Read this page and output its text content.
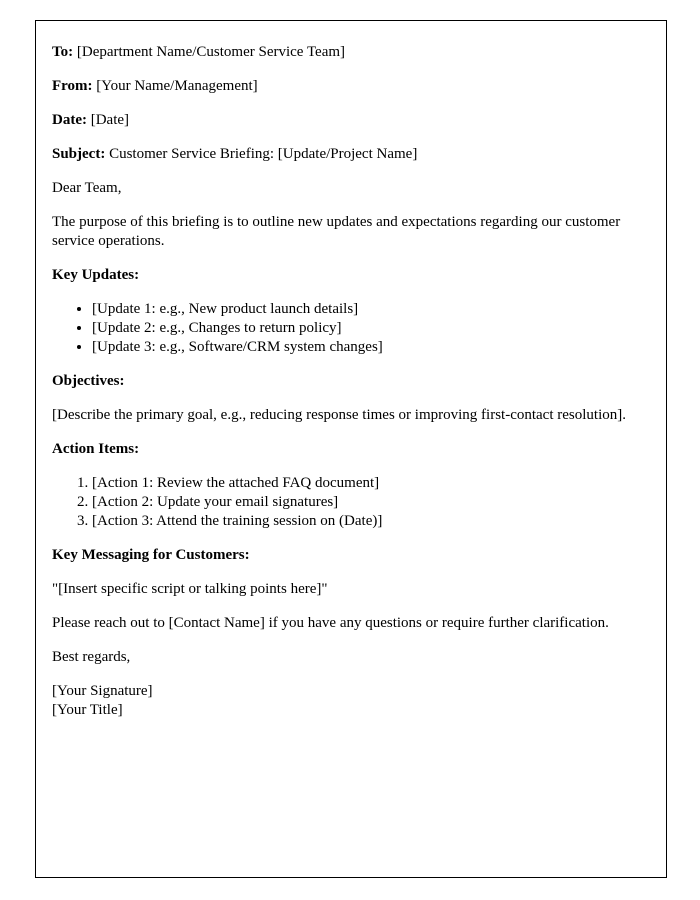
To: [Department Name/Customer Service Team]

From: [Your Name/Management]

Date: [Date]

Subject: Customer Service Briefing: [Update/Project Name]

Dear Team,

The purpose of this briefing is to outline new updates and expectations regarding our customer service operations.

Key Updates:

• [Update 1: e.g., New product launch details]
• [Update 2: e.g., Changes to return policy]
• [Update 3: e.g., Software/CRM system changes]

Objectives:

[Describe the primary goal, e.g., reducing response times or improving first-contact resolution].

Action Items:

1. [Action 1: Review the attached FAQ document]
2. [Action 2: Update your email signatures]
3. [Action 3: Attend the training session on (Date)]

Key Messaging for Customers:

"[Insert specific script or talking points here]"

Please reach out to [Contact Name] if you have any questions or require further clarification.

Best regards,

[Your Signature]
[Your Title]
